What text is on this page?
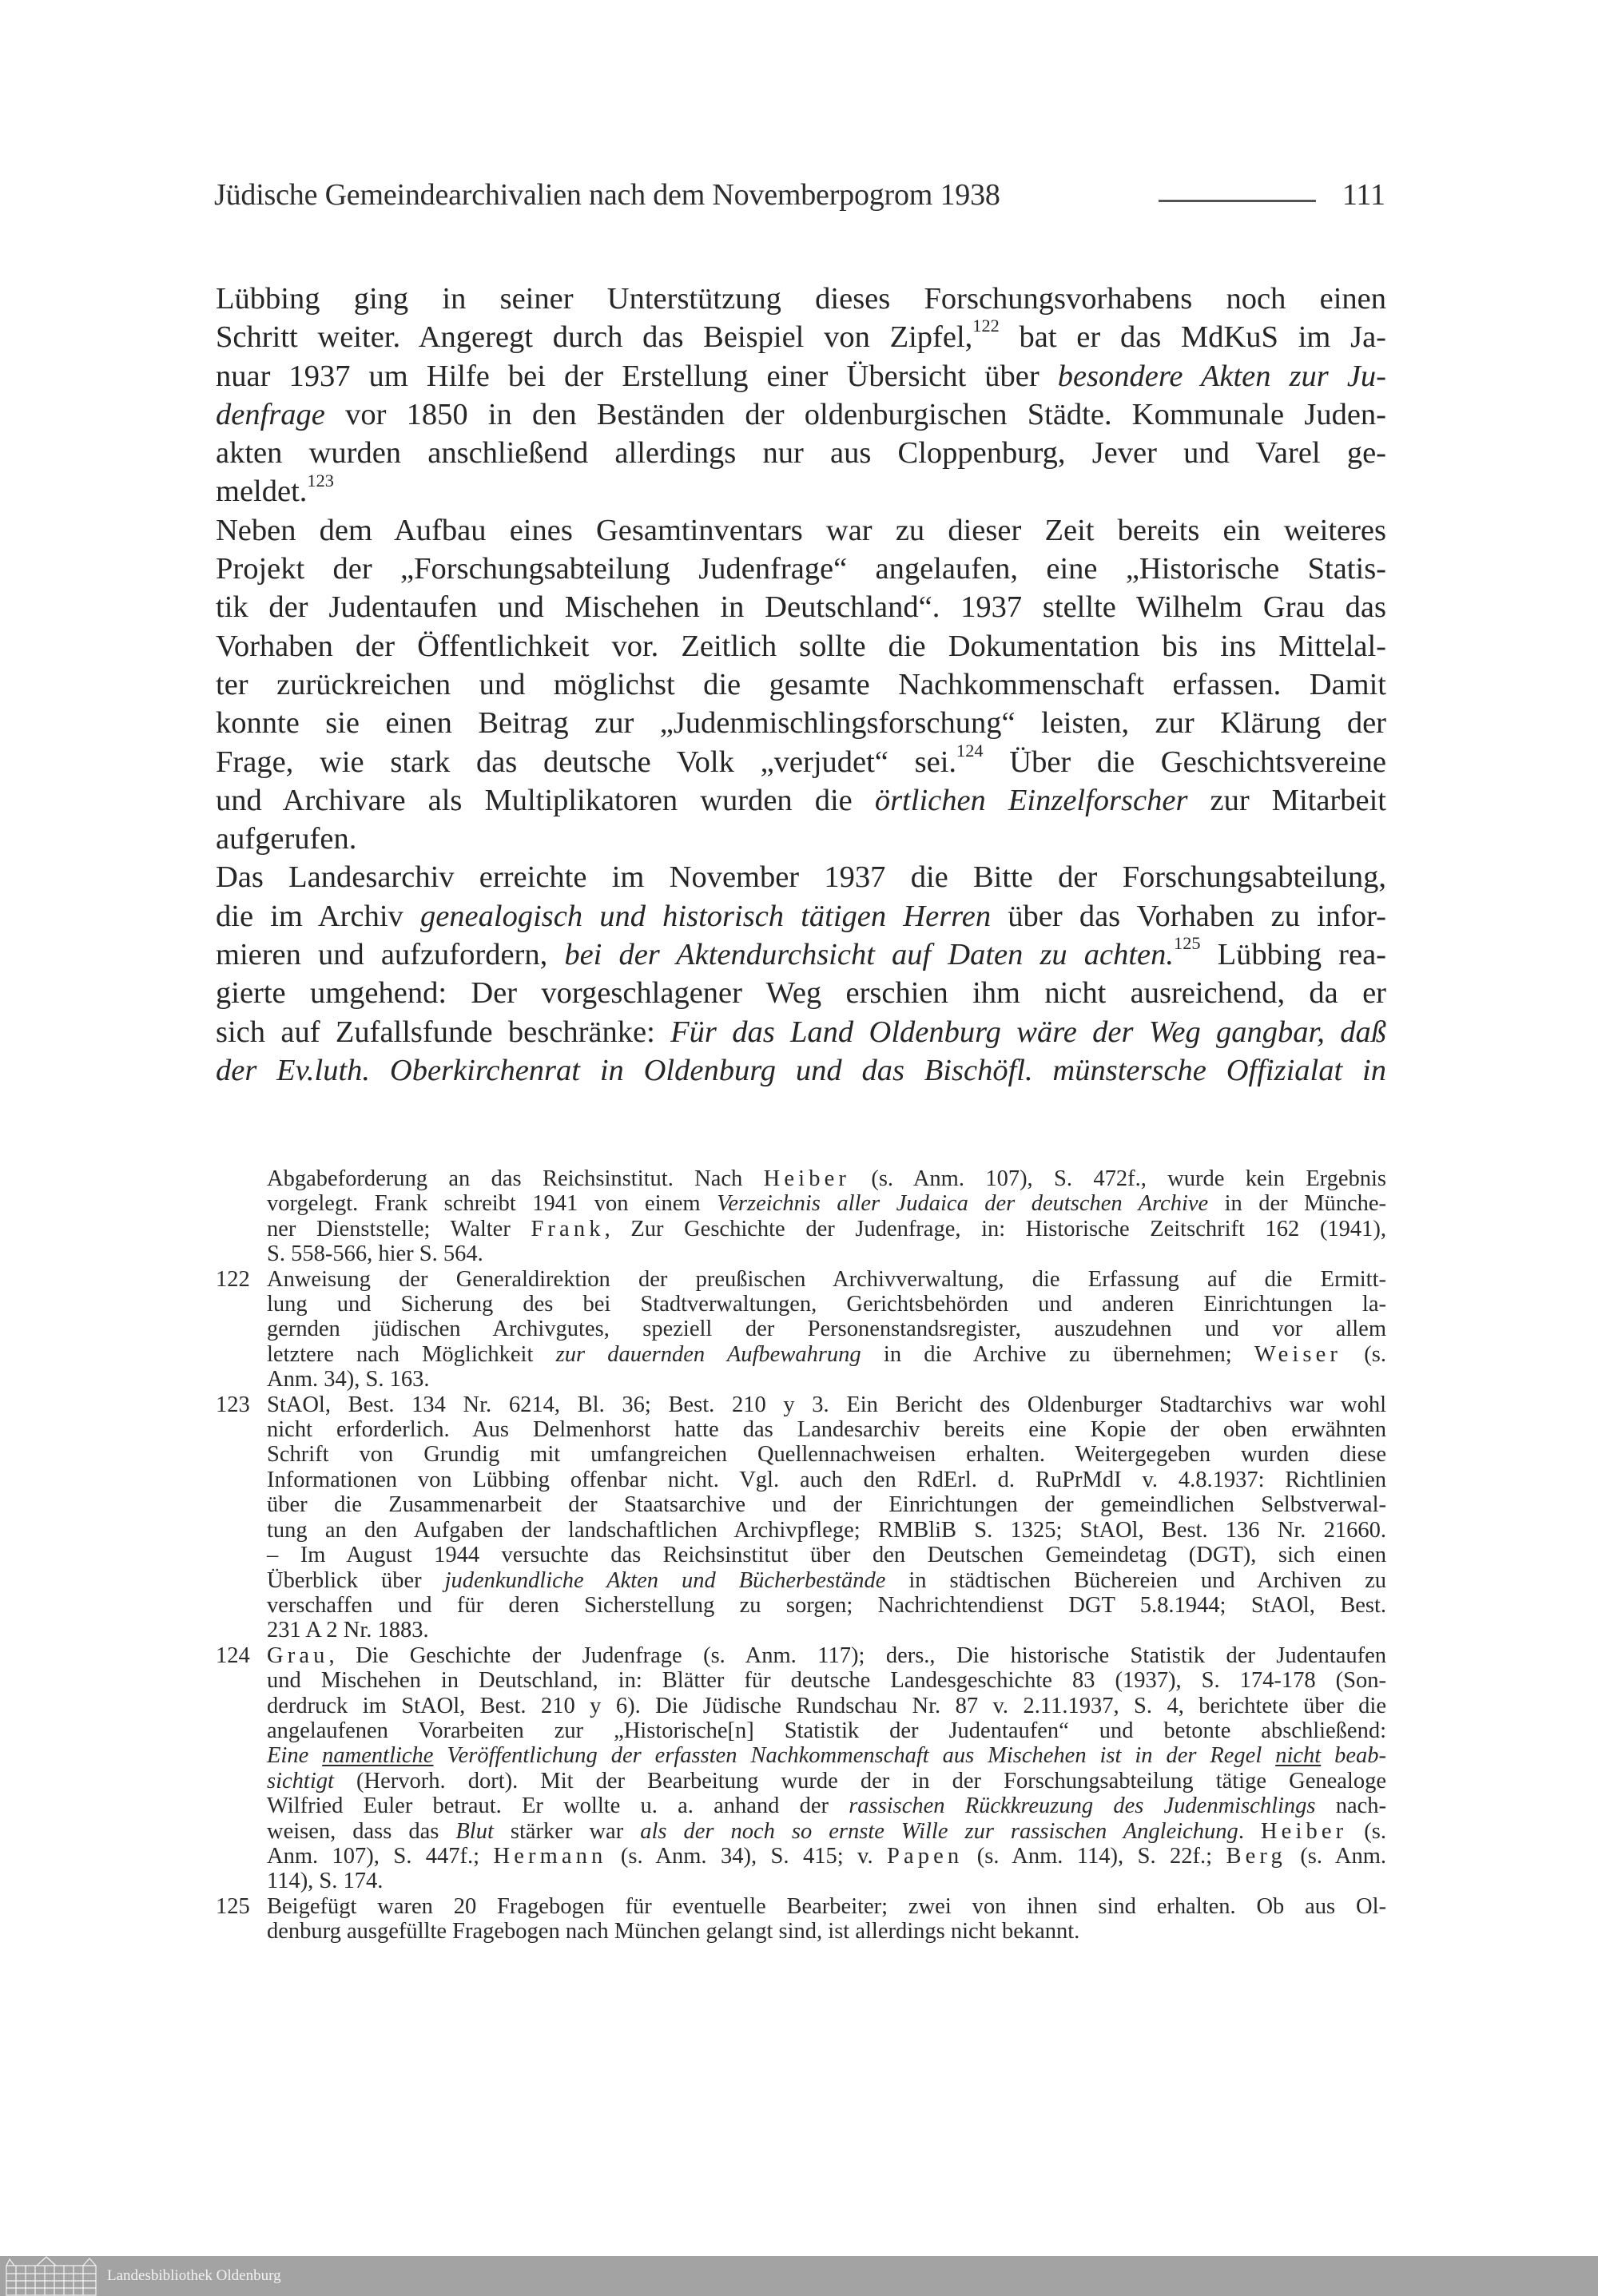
Jüdische Gemeindearchivalien nach dem Novemberpogrom 1938	111

Lübbing ging in seiner Unterstützung dieses Forschungsvorhabens noch einen
Schritt weiter. Angeregt durch das Beispiel von Zipfel,$^{122}$ bat er das MdKuS im Ja-
nuar 1937 um Hilfe bei der Erstellung einer Übersicht über besondere Akten zur Ju-
denfrage vor 1850 in den Beständen der oldenburgischen Städte. Kommunale Juden-
akten wurden anschließend allerdings nur aus Cloppenburg, Jever und Varel ge-
meldet.$^{123}$

Neben dem Aufbau eines Gesamtinventars war zu dieser Zeit bereits ein weiteres
Projekt der „Forschungsabteilung Judenfrage“ angelaufen, eine „Historische Statis-
tik der Judentaufen und Mischehen in Deutschland“. 1937 stellte Wilhelm Grau das
Vorhaben der Öffentlichkeit vor. Zeitlich sollte die Dokumentation bis ins Mittelal-
ter zurückreichen und möglichst die gesamte Nachkommenschaft erfassen. Damit
konnte sie einen Beitrag zur „Judenmischlingsforschung“ leisten, zur Klärung der
Frage, wie stark das deutsche Volk „verjudet“ sei.$^{124}$ Über die Geschichtsvereine
und Archivare als Multiplikatoren wurden die örtlichen Einzelforscher zur Mitarbeit
aufgerufen.

Das Landesarchiv erreichte im November 1937 die Bitte der Forschungsabteilung,
die im Archiv genealogisch und historisch tätigen Herren über das Vorhaben zu infor-
mieren und aufzufordern, bei der Aktendurchsicht auf Daten zu achten.$^{125}$ Lübbing rea-
gierte umgehend: Der vorgeschlagener Weg erschien ihm nicht ausreichend, da er
sich auf Zufallsfunde beschränke: Für das Land Oldenburg wäre der Weg gangbar, daß
der Ev.luth. Oberkirchenrat in Oldenburg und das Bischöfl. münstersche Offizialat in

Abgabeforderung an das Reichsinstitut. Nach Heiber (s. Anm. 107), S. 472f., wurde kein Ergebnis
vorgelegt. Frank schreibt 1941 von einem Verzeichnis aller Judaica der deutschen Archive in der Münche-
ner Dienststelle; Walter Frank, Zur Geschichte der Judenfrage, in: Historische Zeitschrift 162 (1941),
S. 558-566, hier S. 564.
122 Anweisung der Generaldirektion der preußischen Archivverwaltung, die Erfassung auf die Ermitt-
lung und Sicherung des bei Stadtverwaltungen, Gerichtsbehörden und anderen Einrichtungen la-
gernden jüdischen Archivgutes, speziell der Personenstandsregister, auszudehnen und vor allem
letztere nach Möglichkeit zur dauernden Aufbewahrung in die Archive zu übernehmen; Weiser (s.
Anm. 34), S. 163.
123 StAOl, Best. 134 Nr. 6214, Bl. 36; Best. 210 y 3. Ein Bericht des Oldenburger Stadtarchivs war wohl
nicht erforderlich. Aus Delmenhorst hatte das Landesarchiv bereits eine Kopie der oben erwähnten
Schrift von Grundig mit umfangreichen Quellennachweisen erhalten. Weitergegeben wurden diese
Informationen von Lübbing offenbar nicht. Vgl. auch den RdErl. d. RuPrMdI v. 4.8.1937: Richtlinien
über die Zusammenarbeit der Staatsarchive und der Einrichtungen der gemeindlichen Selbstverwal-
tung an den Aufgaben der landschaftlichen Archivpflege; RMBliB S. 1325; StAOl, Best. 136 Nr. 21660.
– Im August 1944 versuchte das Reichsinstitut über den Deutschen Gemeindetag (DGT), sich einen
Überblick über judenkundliche Akten und Bücherbestände in städtischen Büchereien und Archiven zu
verschaffen und für deren Sicherstellung zu sorgen; Nachrichtendienst DGT 5.8.1944; StAOl, Best.
231 A 2 Nr. 1883.
124 Grau, Die Geschichte der Judenfrage (s. Anm. 117); ders., Die historische Statistik der Judentaufen
und Mischehen in Deutschland, in: Blätter für deutsche Landesgeschichte 83 (1937), S. 174-178 (Son-
derdruck im StAOl, Best. 210 y 6). Die Jüdische Rundschau Nr. 87 v. 2.11.1937, S. 4, berichtete über die
angelaufenen Vorarbeiten zur „Historische[n] Statistik der Judentaufen“ und betonte abschließend:
Eine namentliche Veröffentlichung der erfassten Nachkommenschaft aus Mischehen ist in der Regel nicht beab-
sichtigt (Hervorh. dort). Mit der Bearbeitung wurde der in der Forschungsabteilung tätige Genealoge
Wilfried Euler betraut. Er wollte u. a. anhand der rassischen Rückkreuzung des Judenmischlings nach-
weisen, dass das Blut stärker war als der noch so ernste Wille zur rassischen Angleichung. Heiber (s.
Anm. 107), S. 447f.; Hermann (s. Anm. 34), S. 415; v. Papen (s. Anm. 114), S. 22f.; Berg (s. Anm.
114), S. 174.
125 Beigefügt waren 20 Fragebogen für eventuelle Bearbeiter; zwei von ihnen sind erhalten. Ob aus Ol-
denburg ausgefüllte Fragebogen nach München gelangt sind, ist allerdings nicht bekannt.
Landesbibliothek Oldenburg
